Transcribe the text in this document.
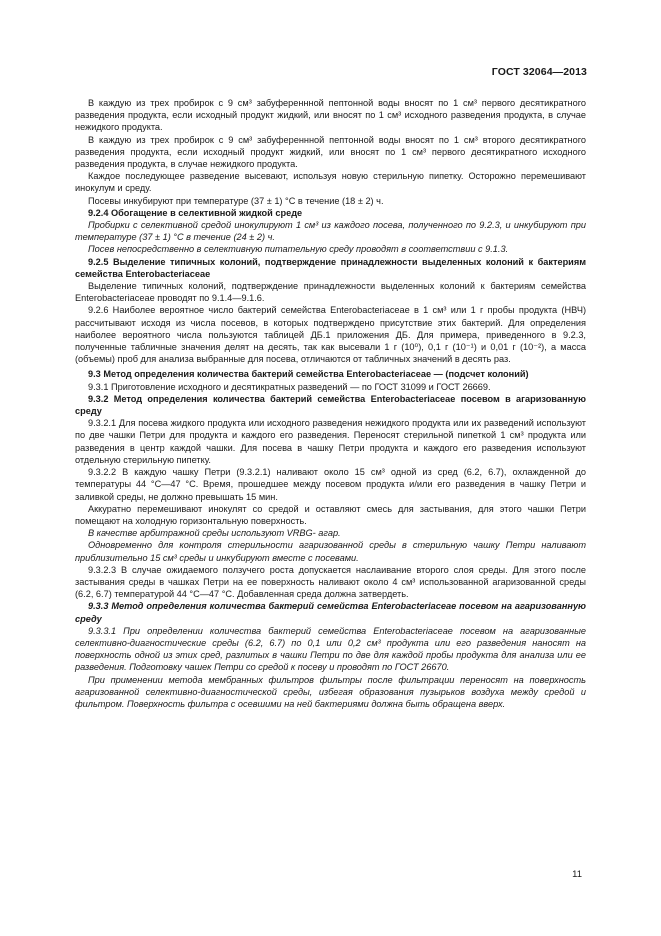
ГОСТ 32064—2013

В каждую из трех пробирок с 9 см³ забуференнной пептонной воды вносят по 1 см³ первого десятикратного разведения продукта, если исходный продукт жидкий, или вносят по 1 см³ исходного разведения продукта, в случае нежидкого продукта.

В каждую из трех пробирок с 9 см³ забуференнной пептонной воды вносят по 1 см³ второго десятикратного разведения продукта, если исходный продукт жидкий, или вносят по 1 см³ первого десятикратного исходного разведения продукта, в случае нежидкого продукта.

Каждое последующее разведение высевают, используя новую стерильную пипетку. Осторожно перемешивают инокулум и среду.

Посевы инкубируют при температуре (37 ± 1) °С в течение (18 ± 2) ч.

9.2.4 Обогащение в селективной жидкой среде

Пробирки с селективной средой инокулируют 1 см³ из каждого посева, полученного по 9.2.3, и инкубируют при температуре (37 ± 1) °С в течение (24 ± 2) ч.

Посев непосредственно в селективную питательную среду проводят в соответствии с 9.1.3.

9.2.5 Выделение типичных колоний, подтверждение принадлежности выделенных колоний к бактериям семейства Enterobacteriaceae

Выделение типичных колоний, подтверждение принадлежности выделенных колоний к бактериям семейства Enterobacteriaceae проводят по 9.1.4—9.1.6.

9.2.6 Наиболее вероятное число бактерий семейства Enterobacteriaceae в 1 см³ или 1 г пробы продукта (НВЧ) рассчитывают исходя из числа посевов, в которых подтверждено присутствие этих бактерий. Для определения наиболее вероятного числа пользуются таблицей ДБ.1 приложения ДБ. Для примера, приведенного в 9.2.3, полученные табличные значения делят на десять, так как высевали 1 г (10⁰), 0,1 г (10⁻¹) и 0,01 г (10⁻²), а масса (объемы) проб для анализа выбранные для посева, отличаются от табличных значений в десять раз.

9.3 Метод определения количества бактерий семейства Enterobacteriaceae — (подсчет колоний)

9.3.1 Приготовление исходного и десятикратных разведений — по ГОСТ 31099 и ГОСТ 26669.

9.3.2 Метод определения количества бактерий семейства Enterobacteriaceae посевом в агаризованную среду

9.3.2.1 Для посева жидкого продукта или исходного разведения нежидкого продукта или их разведений используют по две чашки Петри для продукта и каждого его разведения. Переносят стерильной пипеткой 1 см³ продукта или разведения в центр каждой чашки. Для посева в чашку Петри продукта и каждого его разведения используют отдельную стерильную пипетку.

9.3.2.2 В каждую чашку Петри (9.3.2.1) наливают около 15 см³ одной из сред (6.2, 6.7), охлажденной до температуры 44 °С—47 °С. Время, прошедшее между посевом продукта и/или его разведения в чашку Петри и заливкой среды, не должно превышать 15 мин.

Аккуратно перемешивают инокулят со средой и оставляют смесь для застывания, для этого чашки Петри помещают на холодную горизонтальную поверхность.

В качестве арбитражной среды используют VRBG- агар.

Одновременно для контроля стерильности агаризованной среды в стерильную чашку Петри наливают приблизительно 15 см³ среды и инкубируют вместе с посевами.

9.3.2.3 В случае ожидаемого ползучего роста допускается наслаивание второго слоя среды. Для этого после застывания среды в чашках Петри на ее поверхность наливают около 4 см³ использованной агаризованной среды (6.2, 6.7) температурой 44 °С—47 °С. Добавленная среда должна затвердеть.

9.3.3 Метод определения количества бактерий семейства Enterobacteriaceae посевом на агаризованную среду

9.3.3.1 При определении количества бактерий семейства Enterobacteriaceae посевом на агаризованные селективно-диагностические среды (6.2, 6.7) по 0,1 или 0,2 см³ продукта или его разведения наносят на поверхность одной из этих сред, разлитых в чашки Петри по две для каждой пробы продукта для анализа или ее разведения. Подготовку чашек Петри со средой к посеву и проводят по ГОСТ 26670.

При применении метода мембранных фильтров фильтры после фильтрации переносят на поверхность агаризованной селективно-диагностической среды, избегая образования пузырьков воздуха между средой и фильтром. Поверхность фильтра с осевшими на ней бактериями должна быть обращена вверх.

11
